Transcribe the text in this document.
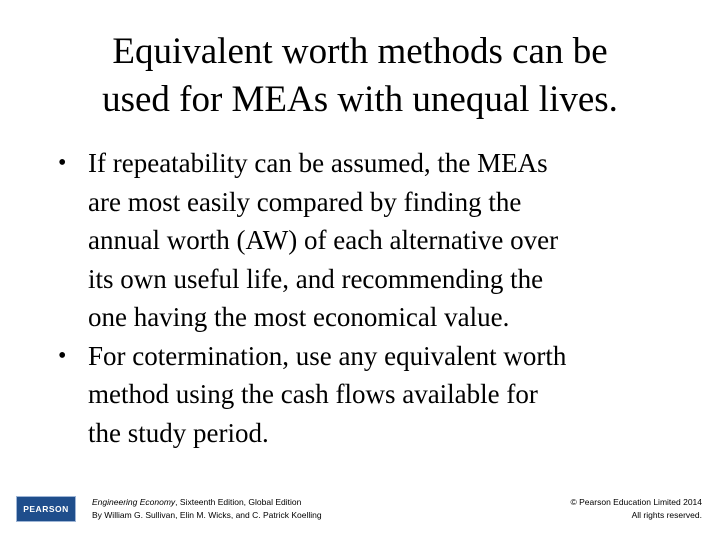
Equivalent worth methods can be
used for MEAs with unequal lives.
• If repeatability can be assumed, the MEAs
are most easily compared by finding the
annual worth (AW) of each alternative over
its own useful life, and recommending the
one having the most economical value.
• For cotermination, use any equivalent worth
method using the cash flows available for
the study period.
PEARSON
Engineering Economy, Sixteenth Edition, Global Edition
By William G. Sullivan, Elin M. Wicks, and C. Patrick Koelling
© Pearson Education Limited 2014
All rights reserved.
